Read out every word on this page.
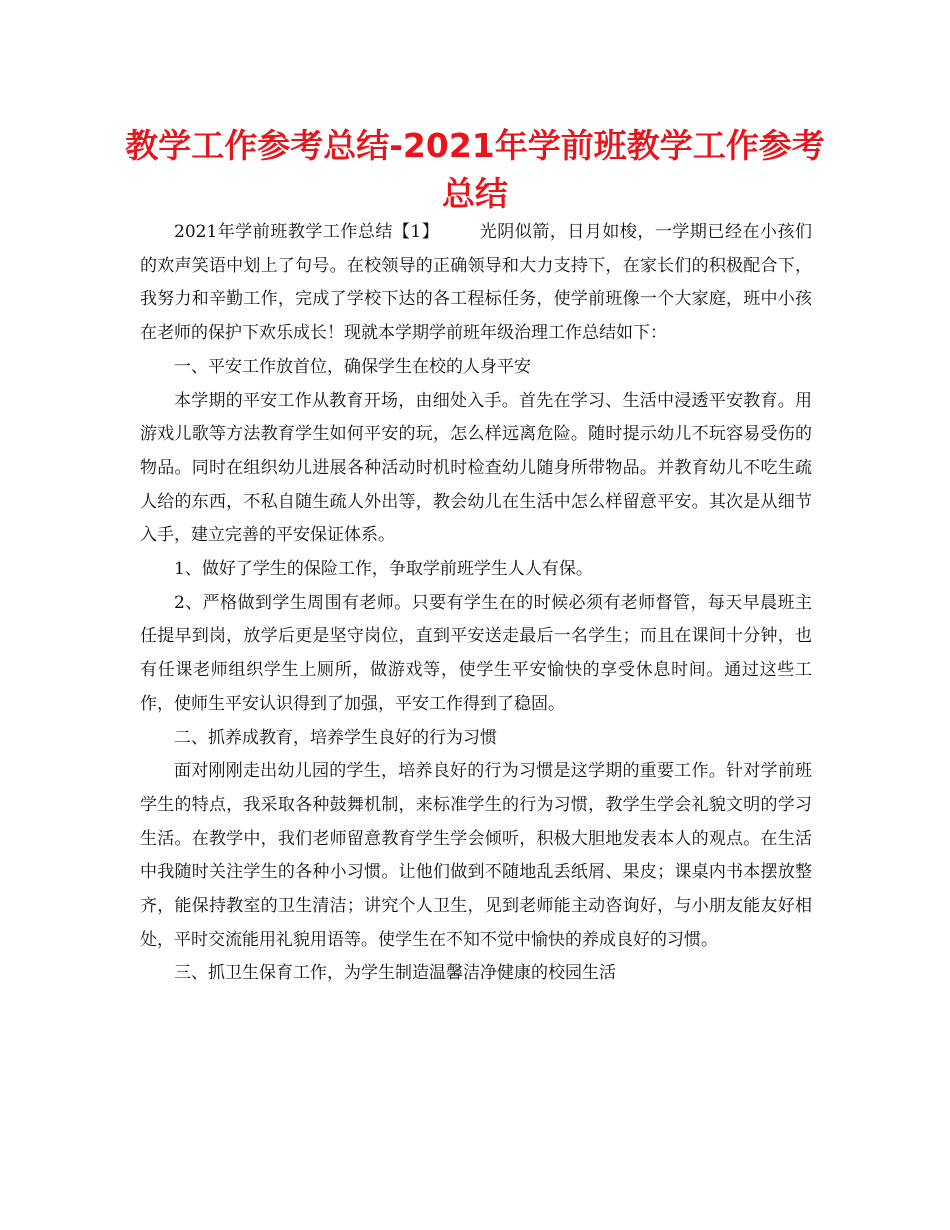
教学工作参考总结-2021年学前班教学工作参考总结

2021年学前班教学工作总结【1】 光阴似箭，日月如梭，一学期已经在小孩们的欢声笑语中划上了句号。在校领导的正确领导和大力支持下，在家长们的积极配合下，我努力和辛勤工作，完成了学校下达的各工程标任务，使学前班像一个大家庭，班中小孩在老师的保护下欢乐成长！现就本学期学前班年级治理工作总结如下：

一、平安工作放首位，确保学生在校的人身平安

本学期的平安工作从教育开场，由细处入手。首先在学习、生活中浸透平安教育。用游戏儿歌等方法教育学生如何平安的玩，怎么样远离危险。随时提示幼儿不玩容易受伤的物品。同时在组织幼儿进展各种活动时机时检查幼儿随身所带物品。并教育幼儿不吃生疏人给的东西，不私自随生疏人外出等，教会幼儿在生活中怎么样留意平安。其次是从细节入手，建立完善的平安保证体系。

1、做好了学生的保险工作，争取学前班学生人人有保。

2、严格做到学生周围有老师。只要有学生在的时候必须有老师督管，每天早晨班主任提早到岗，放学后更是坚守岗位，直到平安送走最后一名学生；而且在课间十分钟，也有任课老师组织学生上厕所，做游戏等，使学生平安愉快的享受休息时间。通过这些工作，使师生平安认识得到了加强，平安工作得到了稳固。

二、抓养成教育，培养学生良好的行为习惯

面对刚刚走出幼儿园的学生，培养良好的行为习惯是这学期的重要工作。针对学前班学生的特点，我采取各种鼓舞机制，来标准学生的行为习惯，教学生学会礼貌文明的学习生活。在教学中，我们老师留意教育学生学会倾听，积极大胆地发表本人的观点。在生活中我随时关注学生的各种小习惯。让他们做到不随地乱丢纸屑、果皮；课桌内书本摆放整齐，能保持教室的卫生清洁；讲究个人卫生，见到老师能主动咨询好，与小朋友能友好相处，平时交流能用礼貌用语等。使学生在不知不觉中愉快的养成良好的习惯。

三、抓卫生保育工作，为学生制造温馨洁净健康的校园生活
